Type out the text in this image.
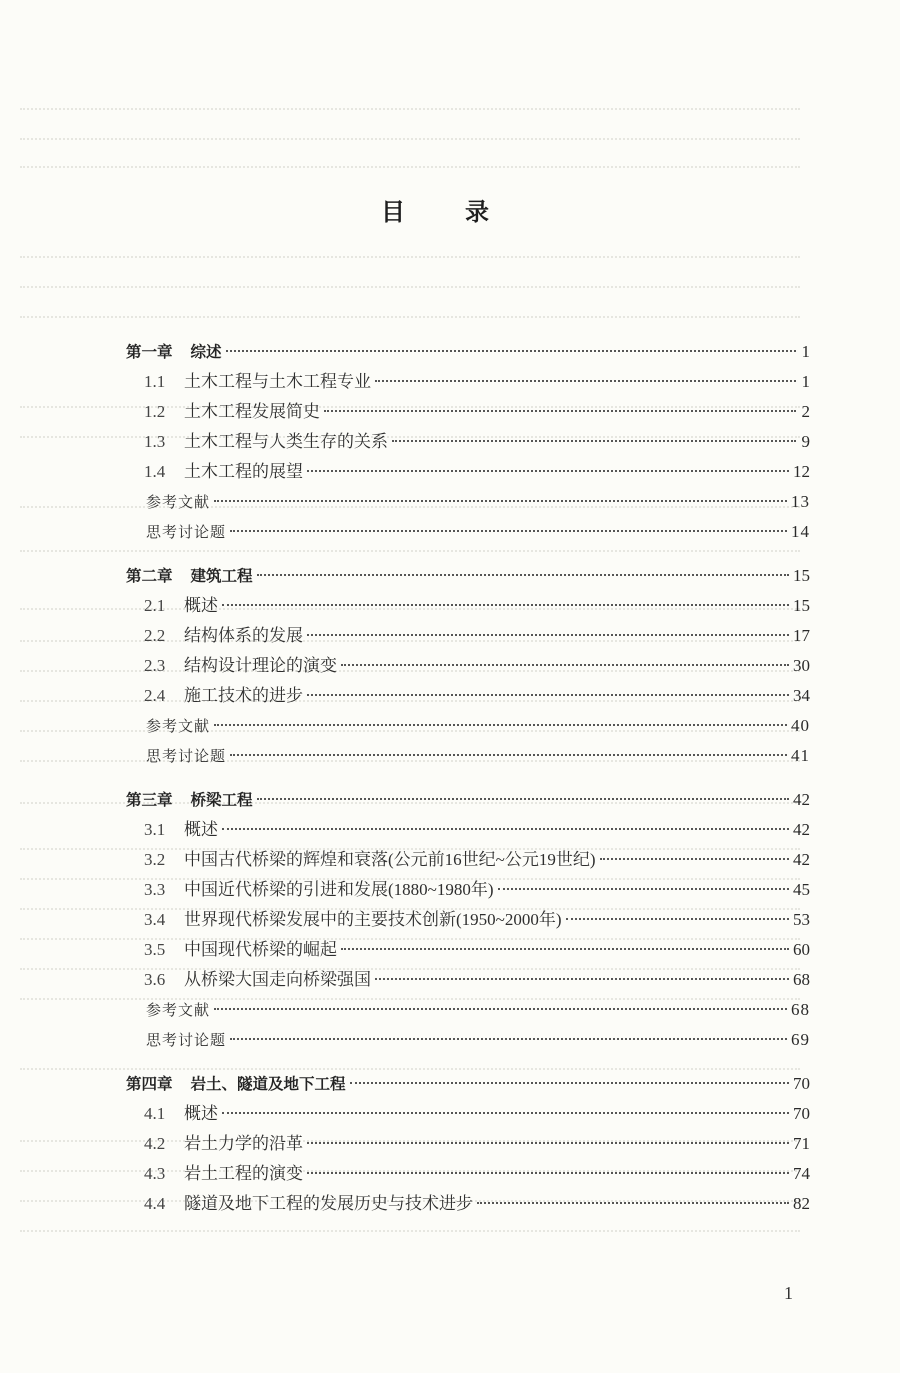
目录
第一章 综述	1
1.1	土木工程与土木工程专业	1
1.2	土木工程发展简史	2
1.3	土木工程与人类生存的关系	9
1.4	土木工程的展望	12
参考文献	13
思考讨论题	14
第二章 建筑工程	15
2.1	概述	15
2.2	结构体系的发展	17
2.3	结构设计理论的演变	30
2.4	施工技术的进步	34
参考文献	40
思考讨论题	41
第三章 桥梁工程	42
3.1	概述	42
3.2	中国古代桥梁的辉煌和衰落(公元前16世纪~公元19世纪)	42
3.3	中国近代桥梁的引进和发展(1880~1980年)	45
3.4	世界现代桥梁发展中的主要技术创新(1950~2000年)	53
3.5	中国现代桥梁的崛起	60
3.6	从桥梁大国走向桥梁强国	68
参考文献	68
思考讨论题	69
第四章 岩土、隧道及地下工程	70
4.1	概述	70
4.2	岩土力学的沿革	71
4.3	岩土工程的演变	74
4.4	隧道及地下工程的发展历史与技术进步	82
1
